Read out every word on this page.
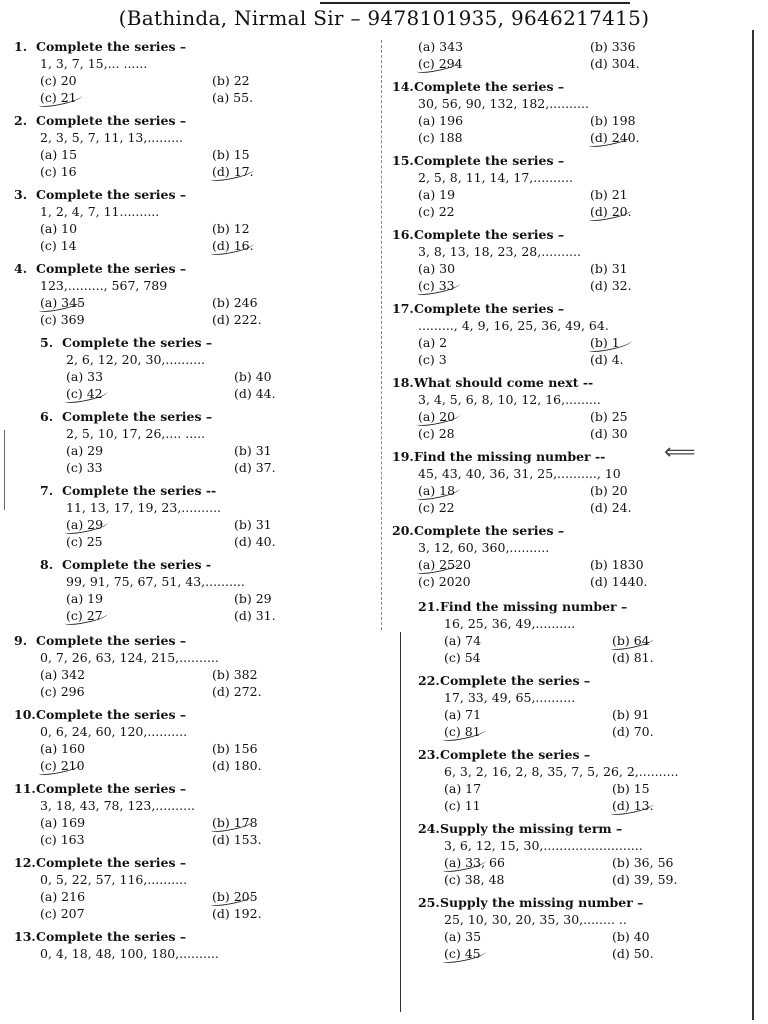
(Bathinda, Nirmal Sir – 9478101935, 9646217415)
⟸
1. Complete the series –
1, 3, 7, 15,... ......
(c) 20	(b) 22
(c) 21	(a) 55.
2. Complete the series –
2, 3, 5, 7, 11, 13,.........
(a) 15	(b) 15
(c) 16	(d) 17.
3. Complete the series –
1, 2, 4, 7, 11..........
(a) 10	(b) 12
(c) 14	(d) 16.
4. Complete the series –
123,........., 567, 789
(a) 345	(b) 246
(c) 369	(d) 222.
5. Complete the series –
2, 6, 12, 20, 30,..........
(a) 33	(b) 40
(c) 42	(d) 44.
6. Complete the series –
2, 5, 10, 17, 26,.... .....
(a) 29	(b) 31
(c) 33	(d) 37.
7. Complete the series --
11, 13, 17, 19, 23,..........
(a) 29	(b) 31
(c) 25	(d) 40.
8. Complete the series -
99, 91, 75, 67, 51, 43,..........
(a) 19	(b) 29
(c) 27	(d) 31.
9. Complete the series –
0, 7, 26, 63, 124, 215,..........
(a) 342	(b) 382
(c) 296	(d) 272.
10.Complete the series –
0, 6, 24, 60, 120,..........
(a) 160	(b) 156
(c) 210	(d) 180.
11.Complete the series –
3, 18, 43, 78, 123,..........
(a) 169	(b) 178
(c) 163	(d) 153.
12.Complete the series –
0, 5, 22, 57, 116,..........
(a) 216	(b) 205
(c) 207	(d) 192.
13.Complete the series –
0, 4, 18, 48, 100, 180,..........
(a) 343	(b) 336
(c) 294	(d) 304.
14.Complete the series –
30, 56, 90, 132, 182,..........
(a) 196	(b) 198
(c) 188	(d) 240.
15.Complete the series –
2, 5, 8, 11, 14, 17,..........
(a) 19	(b) 21
(c) 22	(d) 20.
16.Complete the series –
3, 8, 13, 18, 23, 28,..........
(a) 30	(b) 31
(c) 33	(d) 32.
17.Complete the series –
........., 4, 9, 16, 25, 36, 49, 64.
(a) 2	(b) 1
(c) 3	(d) 4.
18.What should come next --
3, 4, 5, 6, 8, 10, 12, 16,.........
(a) 20	(b) 25
(c) 28	(d) 30
19.Find the missing number --
45, 43, 40, 36, 31, 25,.........., 10
(a) 18	(b) 20
(c) 22	(d) 24.
20.Complete the series –
3, 12, 60, 360,..........
(a) 2520	(b) 1830
(c) 2020	(d) 1440.
21.Find the missing number –
16, 25, 36, 49,..........
(a) 74	(b) 64
(c) 54	(d) 81.
22.Complete the series –
17, 33, 49, 65,..........
(a) 71	(b) 91
(c) 81	(d) 70.
23.Complete the series –
6, 3, 2, 16, 2, 8, 35, 7, 5, 26, 2,..........
(a) 17	(b) 15
(c) 11	(d) 13.
24.Supply the missing term –
3, 6, 12, 15, 30,.........................
(a) 33, 66	(b) 36, 56
(c) 38, 48	(d) 39, 59.
25.Supply the missing number –
25, 10, 30, 20, 35, 30,........ ..
(a) 35	(b) 40
(c) 45	(d) 50.
